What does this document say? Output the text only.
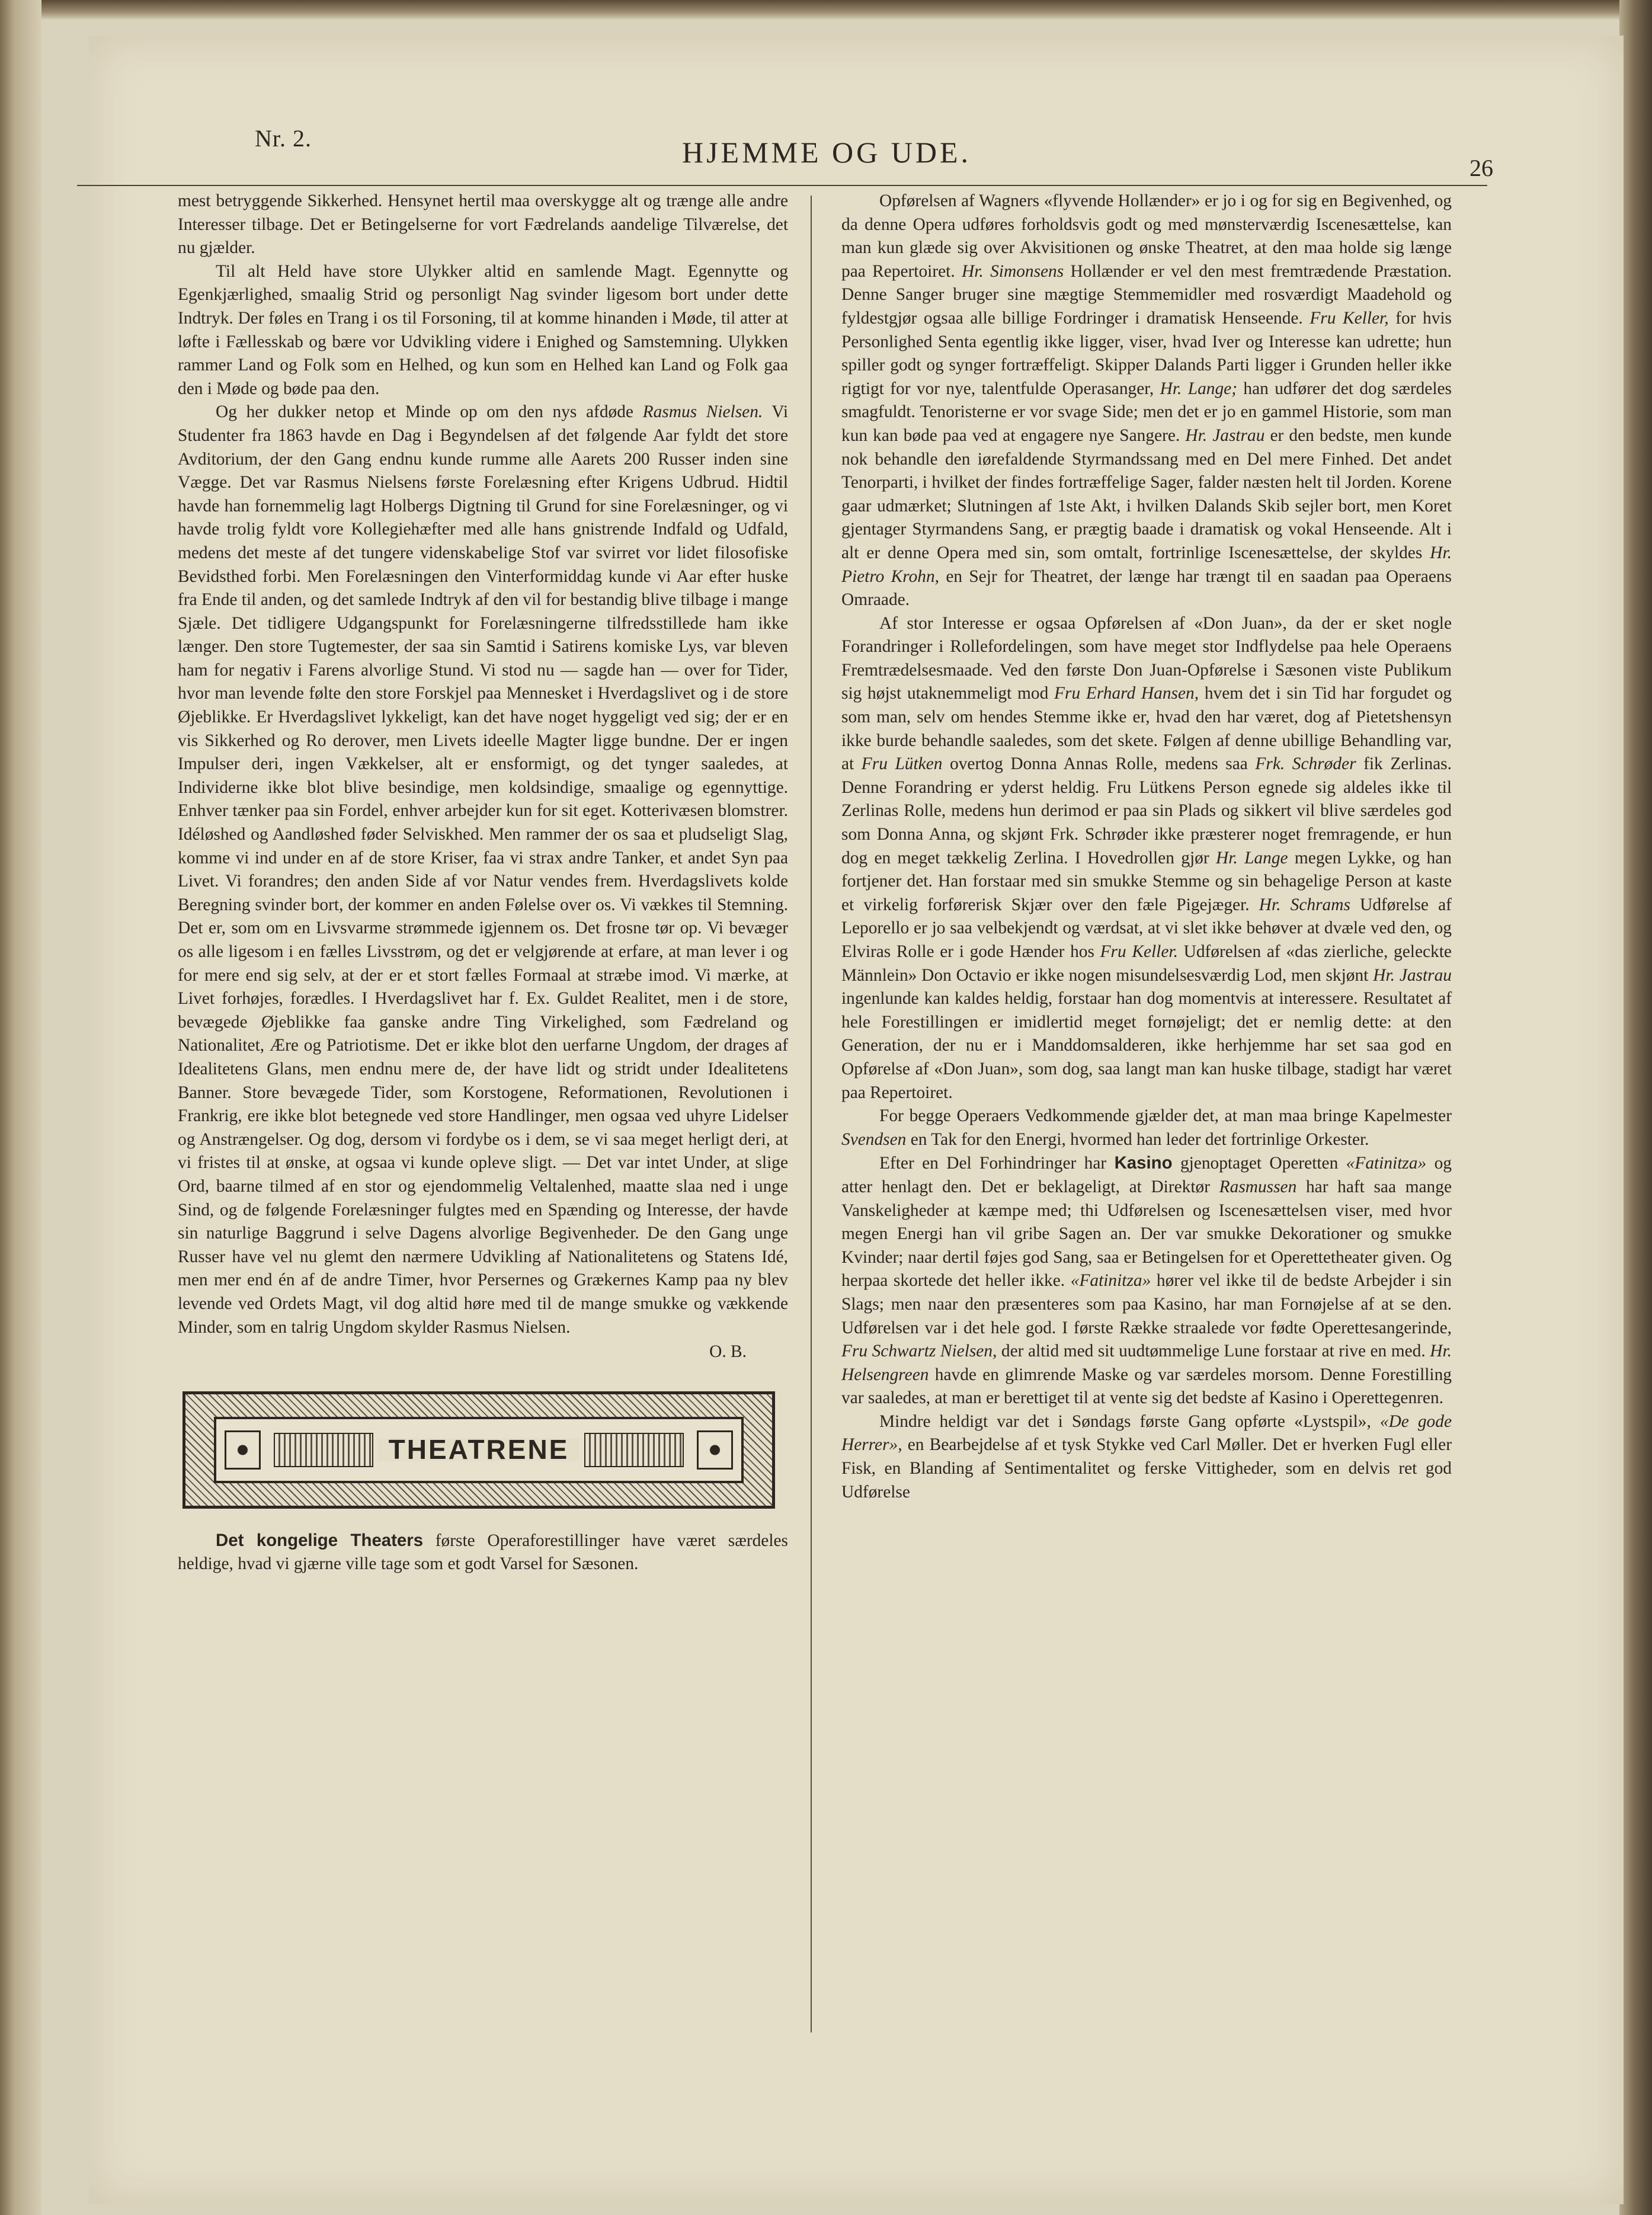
Nr. 2.	HJEMME OG UDE.	26

mest betryggende Sikkerhed. Hensynet hertil maa overskygge alt og trænge alle andre Interesser tilbage. Det er Betingelserne for vort Fædrelands aandelige Tilværelse, det nu gjælder.

Til alt Held have store Ulykker altid en samlende Magt. Egennytte og Egenkjærlighed, smaalig Strid og personligt Nag svinder ligesom bort under dette Indtryk. Der føles en Trang i os til Forsoning, til at komme hinanden i Møde, til atter at løfte i Fællesskab og bære vor Udvikling videre i Enighed og Samstemning. Ulykken rammer Land og Folk som en Helhed, og kun som en Helhed kan Land og Folk gaa den i Møde og bøde paa den.

Og her dukker netop et Minde op om den nys afdøde Rasmus Nielsen. Vi Studenter fra 1863 havde en Dag i Begyndelsen af det følgende Aar fyldt det store Avditorium, der den Gang endnu kunde rumme alle Aarets 200 Russer inden sine Vægge. Det var Rasmus Nielsens første Forelæsning efter Krigens Udbrud. Hidtil havde han fornemmelig lagt Holbergs Digtning til Grund for sine Forelæsninger, og vi havde trolig fyldt vore Kollegiehæfter med alle hans gnistrende Indfald og Udfald, medens det meste af det tungere videnskabelige Stof var svirret vor lidet filosofiske Bevidsthed forbi. Men Forelæsningen den Vinterformiddag kunde vi Aar efter huske fra Ende til anden, og det samlede Indtryk af den vil for bestandig blive tilbage i mange Sjæle. Det tidligere Udgangspunkt for Forelæsningerne tilfredsstillede ham ikke længer. Den store Tugtemester, der saa sin Samtid i Satirens komiske Lys, var bleven ham for negativ i Farens alvorlige Stund. Vi stod nu — sagde han — over for Tider, hvor man levende følte den store Forskjel paa Mennesket i Hverdagslivet og i de store Øjeblikke. Er Hverdagslivet lykkeligt, kan det have noget hyggeligt ved sig; der er en vis Sikkerhed og Ro derover, men Livets ideelle Magter ligge bundne. Der er ingen Impulser deri, ingen Vækkelser, alt er ensformigt, og det tynger saaledes, at Individerne ikke blot blive besindige, men koldsindige, smaalige og egennyttige. Enhver tænker paa sin Fordel, enhver arbejder kun for sit eget. Kotterivæsen blomstrer. Idéløshed og Aandløshed føder Selviskhed. Men rammer der os saa et pludseligt Slag, komme vi ind under en af de store Kriser, faa vi strax andre Tanker, et andet Syn paa Livet. Vi forandres; den anden Side af vor Natur vendes frem. Hverdagslivets kolde Beregning svinder bort, der kommer en anden Følelse over os. Vi vækkes til Stemning. Det er, som om en Livsvarme strømmede igjennem os. Det frosne tør op. Vi bevæger os alle ligesom i en fælles Livsstrøm, og det er velgjørende at erfare, at man lever i og for mere end sig selv, at der er et stort fælles Formaal at stræbe imod. Vi mærke, at Livet forhøjes, forædles. I Hverdagslivet har f. Ex. Guldet Realitet, men i de store, bevægede Øjeblikke faa ganske andre Ting Virkelighed, som Fædreland og Nationalitet, Ære og Patriotisme. Det er ikke blot den uerfarne Ungdom, der drages af Idealitetens Glans, men endnu mere de, der have lidt og stridt under Idealitetens Banner. Store bevægede Tider, som Korstogene, Reformationen, Revolutionen i Frankrig, ere ikke blot betegnede ved store Handlinger, men ogsaa ved uhyre Lidelser og Anstrængelser. Og dog, dersom vi fordybe os i dem, se vi saa meget herligt deri, at vi fristes til at ønske, at ogsaa vi kunde opleve sligt. — Det var intet Under, at slige Ord, baarne tilmed af en stor og ejendommelig Veltalenhed, maatte slaa ned i unge Sind, og de følgende Forelæsninger fulgtes med en Spænding og Interesse, der havde sin naturlige Baggrund i selve Dagens alvorlige Begivenheder. De den Gang unge Russer have vel nu glemt den nærmere Udvikling af Nationalitetens og Statens Idé, men mer end én af de andre Timer, hvor Persernes og Grækernes Kamp paa ny blev levende ved Ordets Magt, vil dog altid høre med til de mange smukke og vækkende Minder, som en talrig Ungdom skylder Rasmus Nielsen.

O. B.
THEATRENE

Det kongelige Theaters første Operaforestillinger have været særdeles heldige, hvad vi gjærne ville tage som et godt Varsel for Sæsonen.

Opførelsen af Wagners «flyvende Hollænder» er jo i og for sig en Begivenhed, og da denne Opera udføres forholdsvis godt og med mønsterværdig Iscenesættelse, kan man kun glæde sig over Akvisitionen og ønske Theatret, at den maa holde sig længe paa Repertoiret. Hr. Simonsens Hollænder er vel den mest fremtrædende Præstation. Denne Sanger bruger sine mægtige Stemmemidler med rosværdigt Maadehold og fyldestgjør ogsaa alle billige Fordringer i dramatisk Henseende. Fru Keller, for hvis Personlighed Senta egentlig ikke ligger, viser, hvad Iver og Interesse kan udrette; hun spiller godt og synger fortræffeligt. Skipper Dalands Parti ligger i Grunden heller ikke rigtigt for vor nye, talentfulde Operasanger, Hr. Lange; han udfører det dog særdeles smagfuldt. Tenoristerne er vor svage Side; men det er jo en gammel Historie, som man kun kan bøde paa ved at engagere nye Sangere. Hr. Jastrau er den bedste, men kunde nok behandle den iørefaldende Styrmandssang med en Del mere Finhed. Det andet Tenorparti, i hvilket der findes fortræffelige Sager, falder næsten helt til Jorden. Korene gaar udmærket; Slutningen af 1ste Akt, i hvilken Dalands Skib sejler bort, men Koret gjentager Styrmandens Sang, er prægtig baade i dramatisk og vokal Henseende. Alt i alt er denne Opera med sin, som omtalt, fortrinlige Iscenesættelse, der skyldes Hr. Pietro Krohn, en Sejr for Theatret, der længe har trængt til en saadan paa Operaens Omraade.

Af stor Interesse er ogsaa Opførelsen af «Don Juan», da der er sket nogle Forandringer i Rollefordelingen, som have meget stor Indflydelse paa hele Operaens Fremtrædelsesmaade. Ved den første Don Juan-Opførelse i Sæsonen viste Publikum sig højst utaknemmeligt mod Fru Erhard Hansen, hvem det i sin Tid har forgudet og som man, selv om hendes Stemme ikke er, hvad den har været, dog af Pietetshensyn ikke burde behandle saaledes, som det skete. Følgen af denne ubillige Behandling var, at Fru Lütken overtog Donna Annas Rolle, medens saa Frk. Schrøder fik Zerlinas. Denne Forandring er yderst heldig. Fru Lütkens Person egnede sig aldeles ikke til Zerlinas Rolle, medens hun derimod er paa sin Plads og sikkert vil blive særdeles god som Donna Anna, og skjønt Frk. Schrøder ikke præsterer noget fremragende, er hun dog en meget tækkelig Zerlina. I Hovedrollen gjør Hr. Lange megen Lykke, og han fortjener det. Han forstaar med sin smukke Stemme og sin behagelige Person at kaste et virkelig forførerisk Skjær over den fæle Pigejæger. Hr. Schrams Udførelse af Leporello er jo saa velbekjendt og værdsat, at vi slet ikke behøver at dvæle ved den, og Elviras Rolle er i gode Hænder hos Fru Keller. Udførelsen af «das zierliche, geleckte Männlein» Don Octavio er ikke nogen misundelsesværdig Lod, men skjønt Hr. Jastrau ingenlunde kan kaldes heldig, forstaar han dog momentvis at interessere. Resultatet af hele Forestillingen er imidlertid meget fornøjeligt; det er nemlig dette: at den Generation, der nu er i Manddomsalderen, ikke herhjemme har set saa god en Opførelse af «Don Juan», som dog, saa langt man kan huske tilbage, stadigt har været paa Repertoiret.

For begge Operaers Vedkommende gjælder det, at man maa bringe Kapelmester Svendsen en Tak for den Energi, hvormed han leder det fortrinlige Orkester.

Efter en Del Forhindringer har Kasino gjenoptaget Operetten «Fatinitza» og atter henlagt den. Det er beklageligt, at Direktør Rasmussen har haft saa mange Vanskeligheder at kæmpe med; thi Udførelsen og Iscenesættelsen viser, med hvor megen Energi han vil gribe Sagen an. Der var smukke Dekorationer og smukke Kvinder; naar dertil føjes god Sang, saa er Betingelsen for et Operettetheater given. Og herpaa skortede det heller ikke. «Fatinitza» hører vel ikke til de bedste Arbejder i sin Slags; men naar den præsenteres som paa Kasino, har man Fornøjelse af at se den. Udførelsen var i det hele god. I første Række straalede vor fødte Operettesangerinde, Fru Schwartz Nielsen, der altid med sit uudtømmelige Lune forstaar at rive en med. Hr. Helsengreen havde en glimrende Maske og var særdeles morsom. Denne Forestilling var saaledes, at man er berettiget til at vente sig det bedste af Kasino i Operettegenren.

Mindre heldigt var det i Søndags første Gang opførte «Lystspil», «De gode Herrer», en Bearbejdelse af et tysk Stykke ved Carl Møller. Det er hverken Fugl eller Fisk, en Blanding af Sentimentalitet og ferske Vittigheder, som en delvis ret god Udførelse
